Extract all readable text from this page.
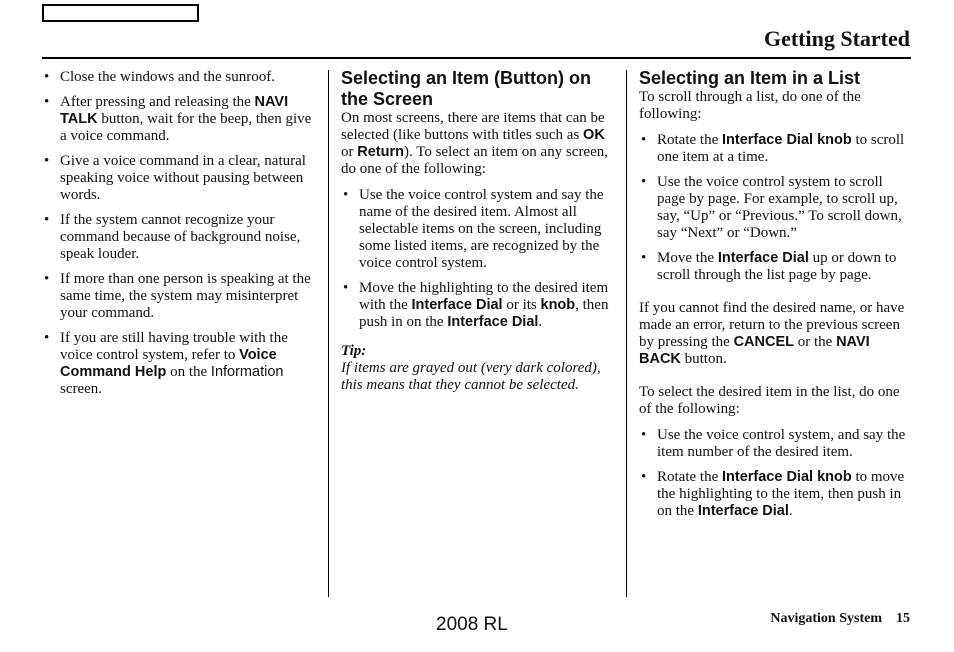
Getting Started
• Close the windows and the sunroof.
• After pressing and releasing the NAVI TALK button, wait for the beep, then give a voice command.
• Give a voice command in a clear, natural speaking voice without pausing between words.
• If the system cannot recognize your command because of background noise, speak louder.
• If more than one person is speaking at the same time, the system may misinterpret your command.
• If you are still having trouble with the voice control system, refer to Voice Command Help on the Information screen.
Selecting an Item (Button) on the Screen

On most screens, there are items that can be selected (like buttons with titles such as OK or Return). To select an item on any screen, do one of the following:

• Use the voice control system and say the name of the desired item. Almost all selectable items on the screen, including some listed items, are recognized by the voice control system.
• Move the highlighting to the desired item with the Interface Dial or its knob, then push in on the Interface Dial.

Tip:

If items are grayed out (very dark colored), this means that they cannot be selected.

Selecting an Item in a List

To scroll through a list, do one of the following:

• Rotate the Interface Dial knob to scroll one item at a time.
• Use the voice control system to scroll page by page. For example, to scroll up, say, “Up” or “Previous.” To scroll down, say “Next” or “Down.”
• Move the Interface Dial up or down to scroll through the list page by page.

If you cannot find the desired name, or have made an error, return to the previous screen by pressing the CANCEL or the NAVI BACK button.

To select the desired item in the list, do one of the following:

• Use the voice control system, and say the item number of the desired item.
• Rotate the Interface Dial knob to move the highlighting to the item, then push in on the Interface Dial.
2008 RL	Navigation System 15
